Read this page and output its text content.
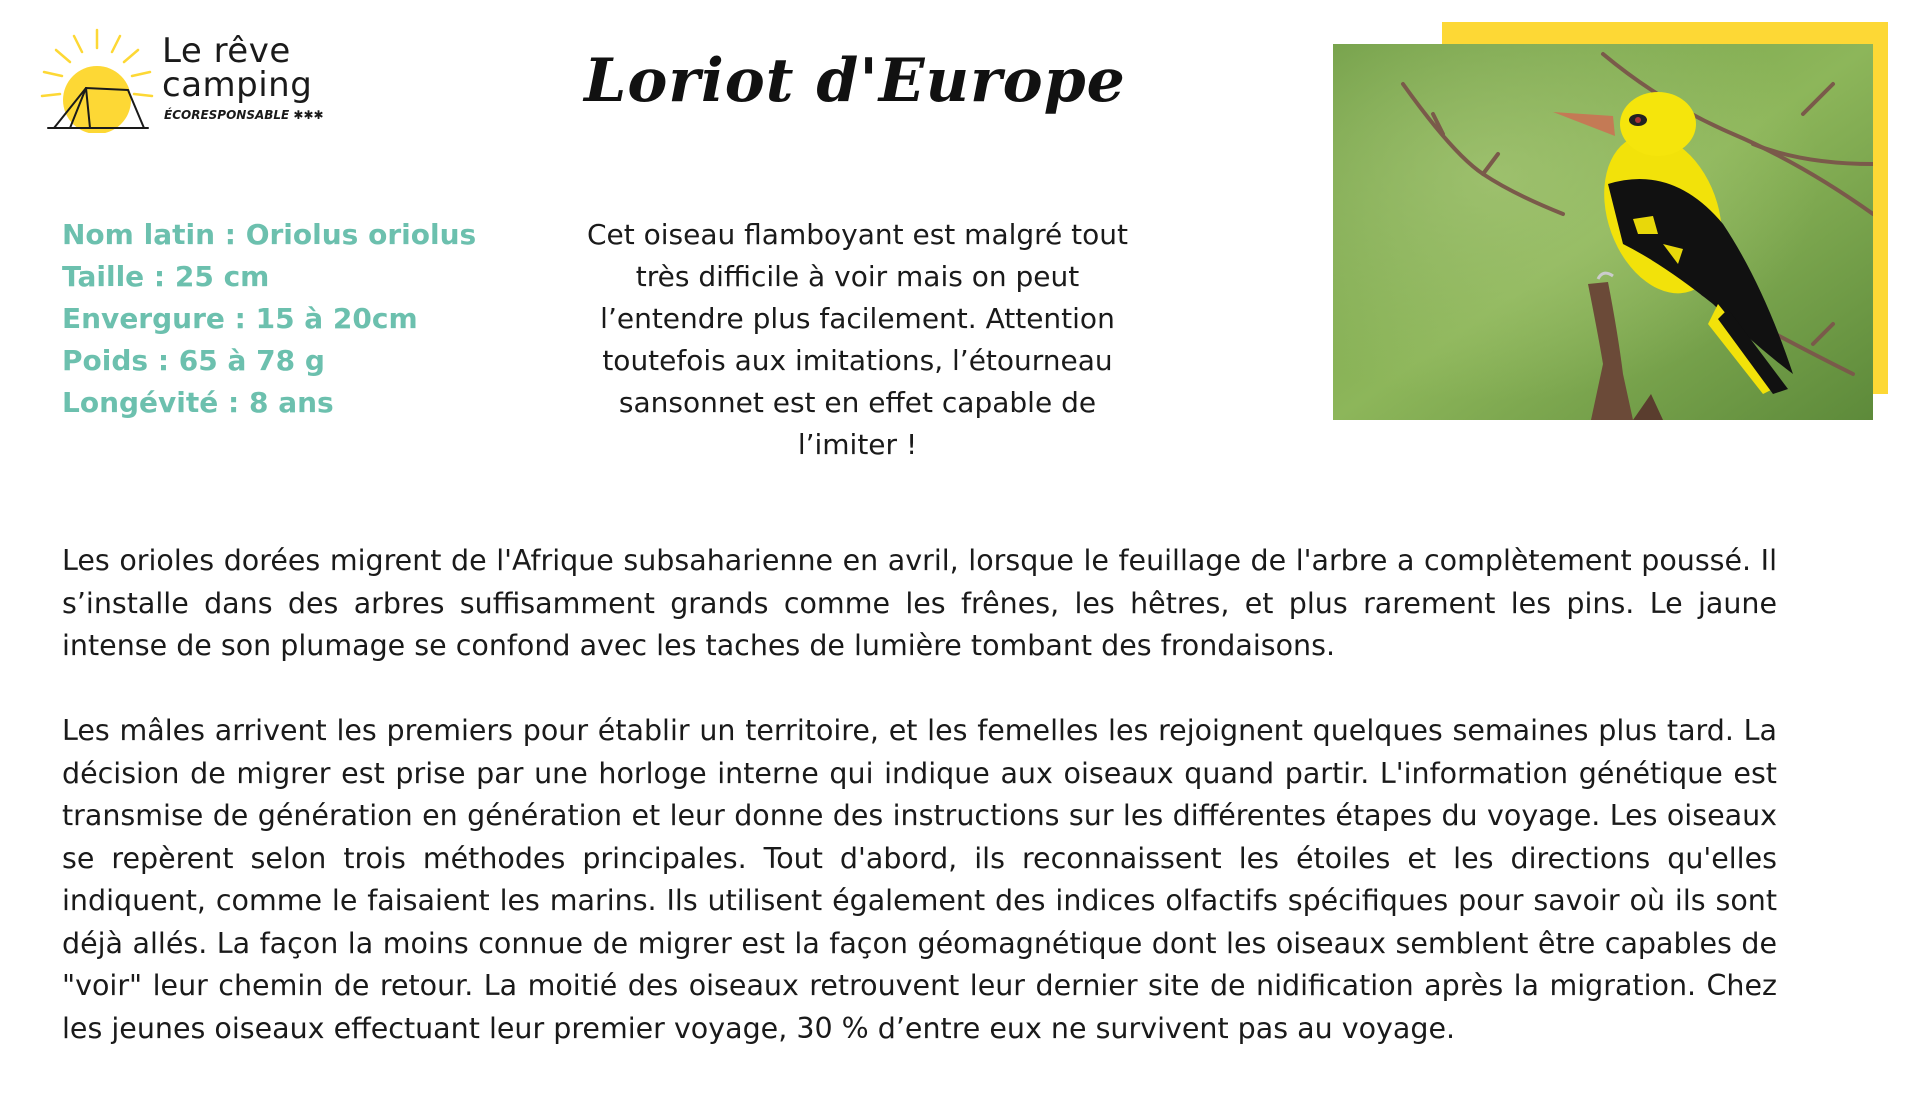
Le rêve
camping
ÉCORESPONSABLE ✱✱✱	Loriot d'Europe
Nom latin : Oriolus oriolus
Taille : 25 cm
Envergure : 15 à 20cm
Poids : 65 à 78 g
Longévité : 8 ans
Cet oiseau flamboyant est malgré tout très difficile à voir mais on peut l’entendre plus facilement. Attention toutefois aux imitations, l’étourneau sansonnet est en effet capable de l’imiter !

Les orioles dorées migrent de l'Afrique subsaharienne en avril, lorsque le feuillage de l'arbre a complètement poussé. Il s’installe dans des arbres suffisamment grands comme les frênes, les hêtres, et plus rarement les pins. Le jaune intense de son plumage se confond avec les taches de lumière tombant des frondaisons.

Les mâles arrivent les premiers pour établir un territoire, et les femelles les rejoignent quelques semaines plus tard. La décision de migrer est prise par une horloge interne qui indique aux oiseaux quand partir. L'information génétique est transmise de génération en génération et leur donne des instructions sur les différentes étapes du voyage. Les oiseaux se repèrent selon trois méthodes principales. Tout d'abord, ils reconnaissent les étoiles et les directions qu'elles indiquent, comme le faisaient les marins. Ils utilisent également des indices olfactifs spécifiques pour savoir où ils sont déjà allés. La façon la moins connue de migrer est la façon géomagnétique dont les oiseaux semblent être capables de "voir" leur chemin de retour. La moitié des oiseaux retrouvent leur dernier site de nidification après la migration. Chez les jeunes oiseaux effectuant leur premier voyage, 30 % d’entre eux ne survivent pas au voyage.
